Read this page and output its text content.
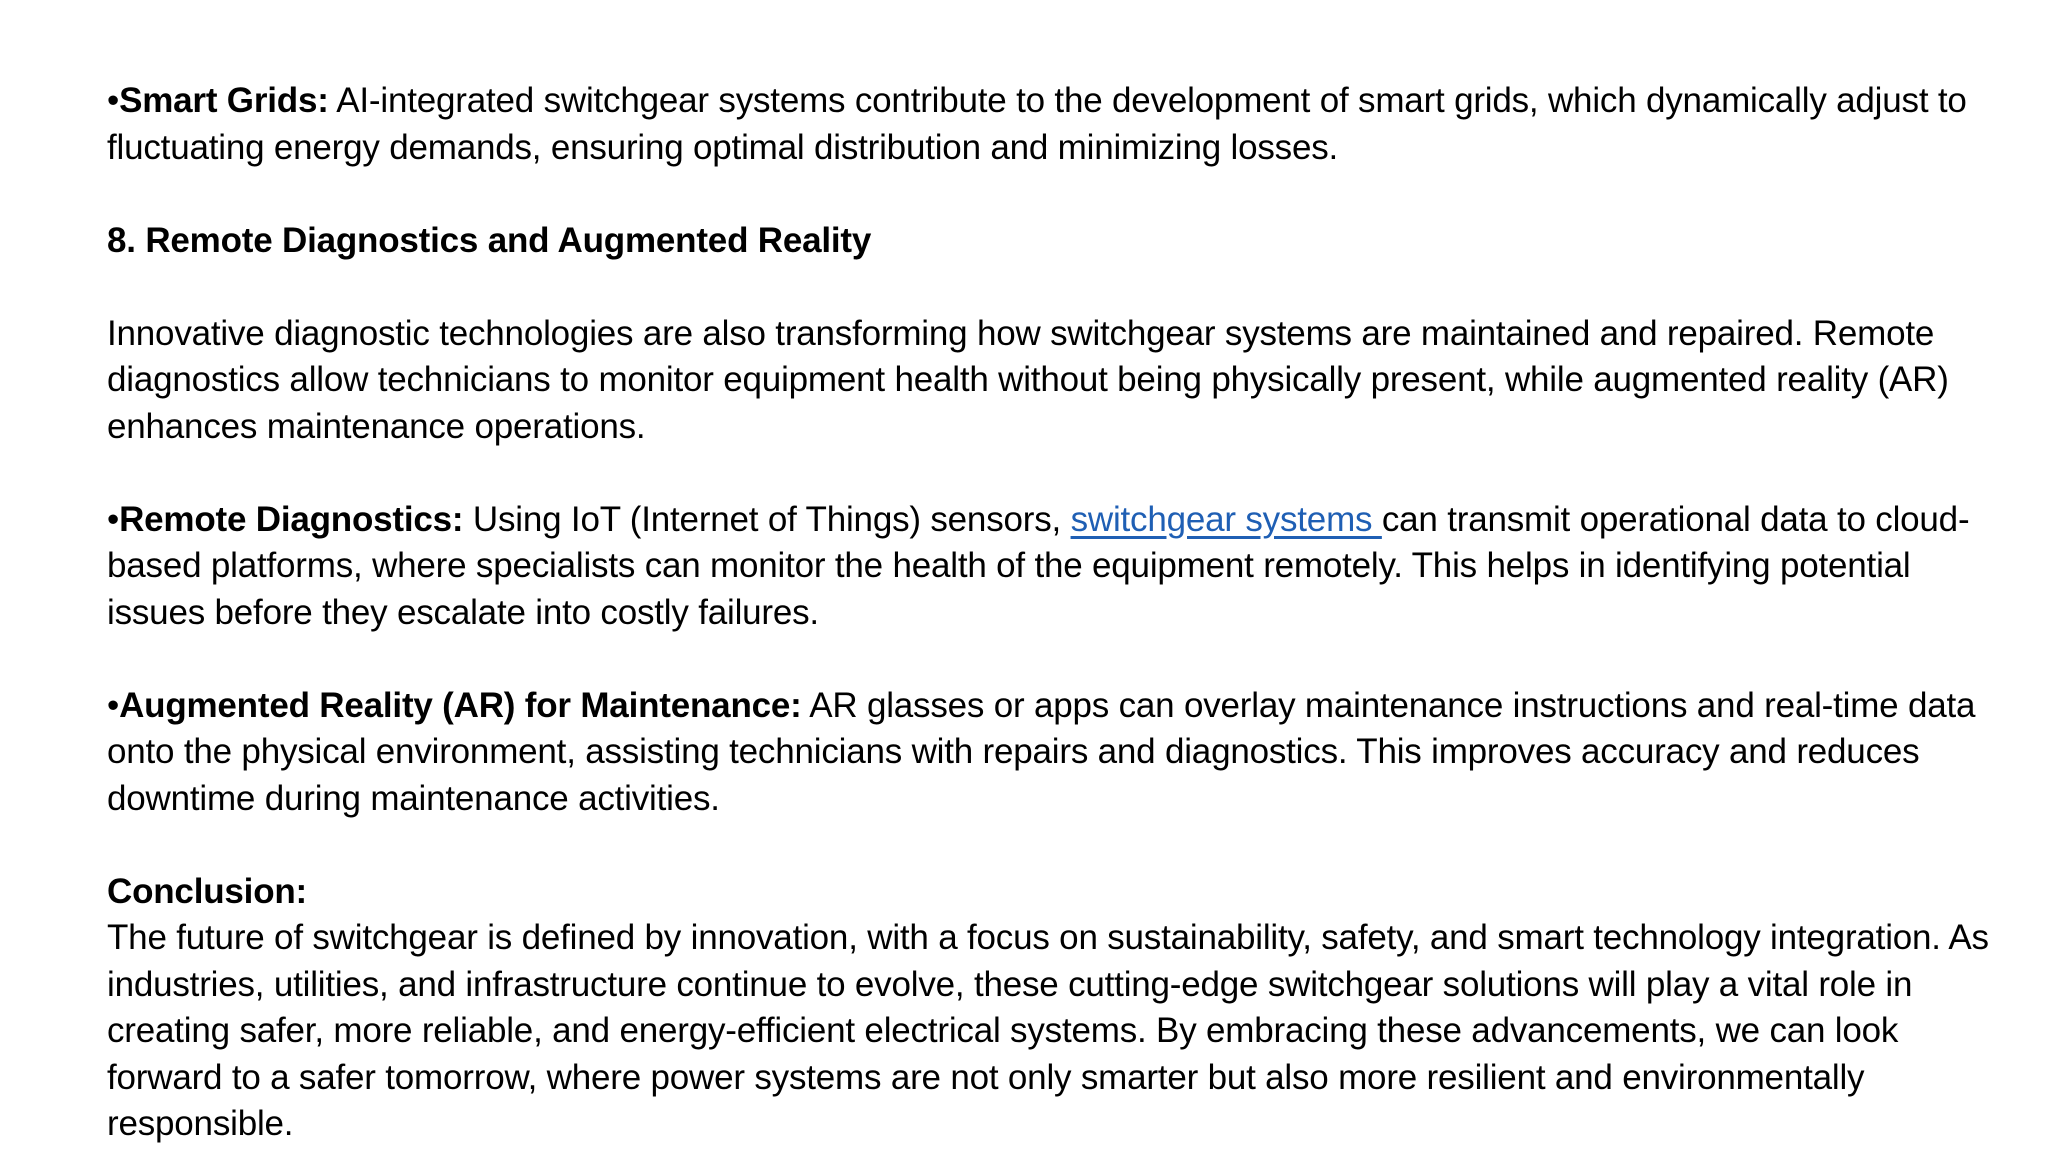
•Smart Grids: AI-integrated switchgear systems contribute to the development of smart grids, which dynamically adjust to fluctuating energy demands, ensuring optimal distribution and minimizing losses.

8. Remote Diagnostics and Augmented Reality

Innovative diagnostic technologies are also transforming how switchgear systems are maintained and repaired. Remote diagnostics allow technicians to monitor equipment health without being physically present, while augmented reality (AR) enhances maintenance operations.

•Remote Diagnostics: Using IoT (Internet of Things) sensors, switchgear systems can transmit operational data to cloud-based platforms, where specialists can monitor the health of the equipment remotely. This helps in identifying potential issues before they escalate into costly failures.

•Augmented Reality (AR) for Maintenance: AR glasses or apps can overlay maintenance instructions and real-time data onto the physical environment, assisting technicians with repairs and diagnostics. This improves accuracy and reduces downtime during maintenance activities.

Conclusion:

The future of switchgear is defined by innovation, with a focus on sustainability, safety, and smart technology integration. As industries, utilities, and infrastructure continue to evolve, these cutting-edge switchgear solutions will play a vital role in creating safer, more reliable, and energy-efficient electrical systems. By embracing these advancements, we can look forward to a safer tomorrow, where power systems are not only smarter but also more resilient and environmentally responsible.
